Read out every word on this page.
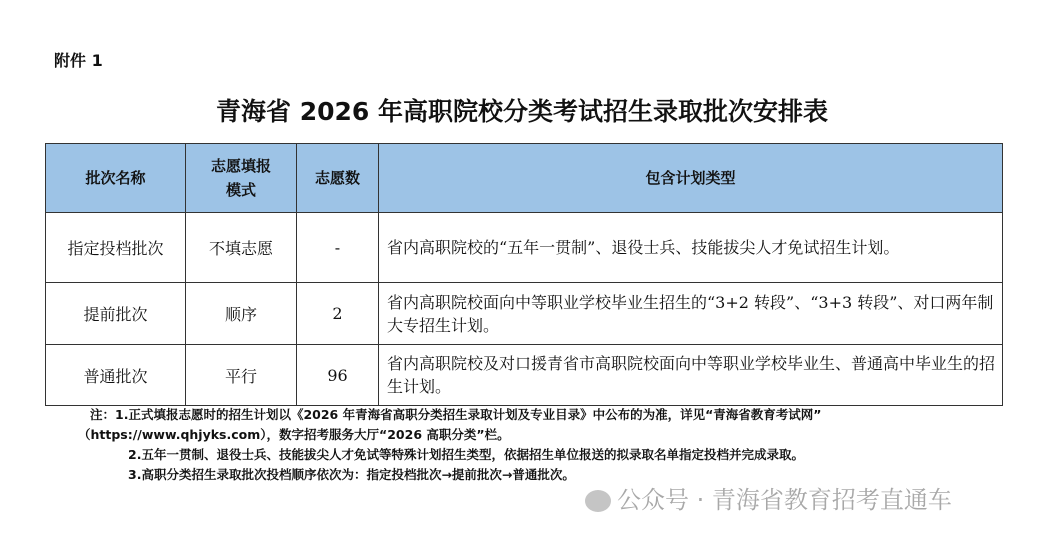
附件 1
青海省 2026 年高职院校分类考试招生录取批次安排表
批次名称	志愿填报模式	志愿数	包含计划类型
指定投档批次	不填志愿	-	省内高职院校的“五年一贯制”、退役士兵、技能拔尖人才免试招生计划。
提前批次	顺序	2	省内高职院校面向中等职业学校毕业生招生的“3+2 转段”、“3+3 转段”、对口两年制大专招生计划。
普通批次	平行	96	省内高职院校及对口援青省市高职院校面向中等职业学校毕业生、普通高中毕业生的招生计划。
注：1.正式填报志愿时的招生计划以《2026 年青海省高职分类招生录取计划及专业目录》中公布的为准，详见“青海省教育考试网”
（https://www.qhjyks.com），数字招考服务大厅“2026 高职分类”栏。
2.五年一贯制、退役士兵、技能拔尖人才免试等特殊计划招生类型，依据招生单位报送的拟录取名单指定投档并完成录取。
3.高职分类招生录取批次投档顺序依次为：指定投档批次→提前批次→普通批次。
公众号 · 青海省教育招考直通车
